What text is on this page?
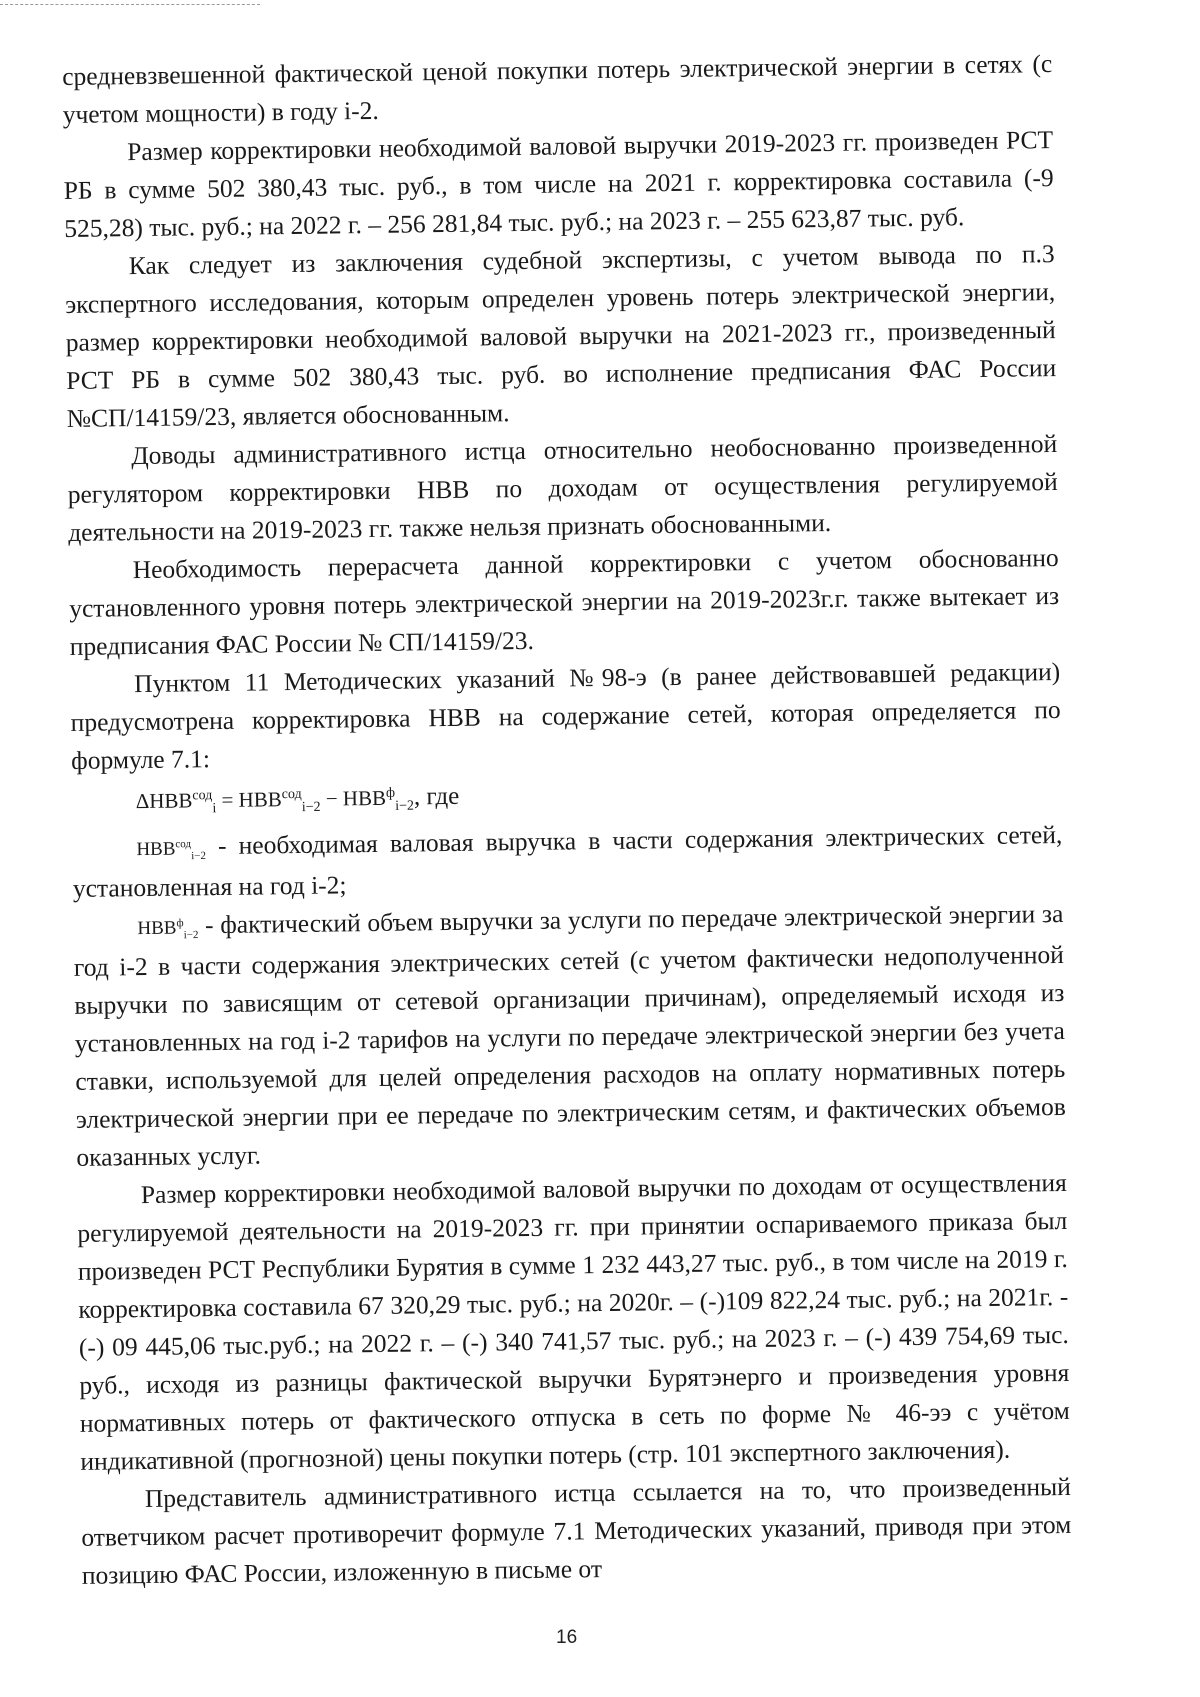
средневзвешенной фактической ценой покупки потерь электрической энергии в сетях (с учетом мощности) в году i-2.

Размер корректировки необходимой валовой выручки 2019-2023 гг. произведен РСТ РБ в сумме 502 380,43 тыс. руб., в том числе на 2021 г. корректировка составила (-9 525,28) тыс. руб.; на 2022 г. – 256 281,84 тыс. руб.; на 2023 г. – 255 623,87 тыс. руб.

Как следует из заключения судебной экспертизы, с учетом вывода по п.3 экспертного исследования, которым определен уровень потерь электрической энергии, размер корректировки необходимой валовой выручки на 2021-2023 гг., произведенный РСТ РБ в сумме 502 380,43 тыс. руб. во исполнение предписания ФАС России №СП/14159/23, является обоснованным.

Доводы административного истца относительно необоснованно произведенной регулятором корректировки НВВ по доходам от осуществления регулируемой деятельности на 2019-2023 гг. также нельзя признать обоснованными.

Необходимость перерасчета данной корректировки с учетом обоснованно установленного уровня потерь электрической энергии на 2019-2023г.г. также вытекает из предписания ФАС России № СП/14159/23.

Пунктом 11 Методических указаний №98-э (в ранее действовавшей редакции) предусмотрена корректировка НВВ на содержание сетей, которая определяется по формуле 7.1:

$\Delta НВВ^{сод}_i = НВВ^{сод}_{i-2} - НВВ^ф_{i-2}$, где

$НВВ^{сод}_{i-2}$ - необходимая валовая выручка в части содержания электрических сетей, установленная на год i-2;

$НВВ^ф_{i-2}$ - фактический объем выручки за услуги по передаче электрической энергии за год i-2 в части содержания электрических сетей (с учетом фактически недополученной выручки по зависящим от сетевой организации причинам), определяемый исходя из установленных на год i-2 тарифов на услуги по передаче электрической энергии без учета ставки, используемой для целей определения расходов на оплату нормативных потерь электрической энергии при ее передаче по электрическим сетям, и фактических объемов оказанных услуг.

Размер корректировки необходимой валовой выручки по доходам от осуществления регулируемой деятельности на 2019-2023 гг. при принятии оспариваемого приказа был произведен РСТ Республики Бурятия в сумме 1 232 443,27 тыс. руб., в том числе на 2019 г. корректировка составила 67 320,29 тыс. руб.; на 2020г. – (-)109 822,24 тыс. руб.; на 2021г. - (-) 09 445,06 тыс.руб.; на 2022 г. – (-) 340 741,57 тыс. руб.; на 2023 г. – (-) 439 754,69 тыс. руб., исходя из разницы фактической выручки Бурятэнерго и произведения уровня нормативных потерь от фактического отпуска в сеть по форме № 46-ээ с учётом индикативной (прогнозной) цены покупки потерь (стр. 101 экспертного заключения).

Представитель административного истца ссылается на то, что произведенный ответчиком расчет противоречит формуле 7.1 Методических указаний, приводя при этом позицию ФАС России, изложенную в письме от

16
